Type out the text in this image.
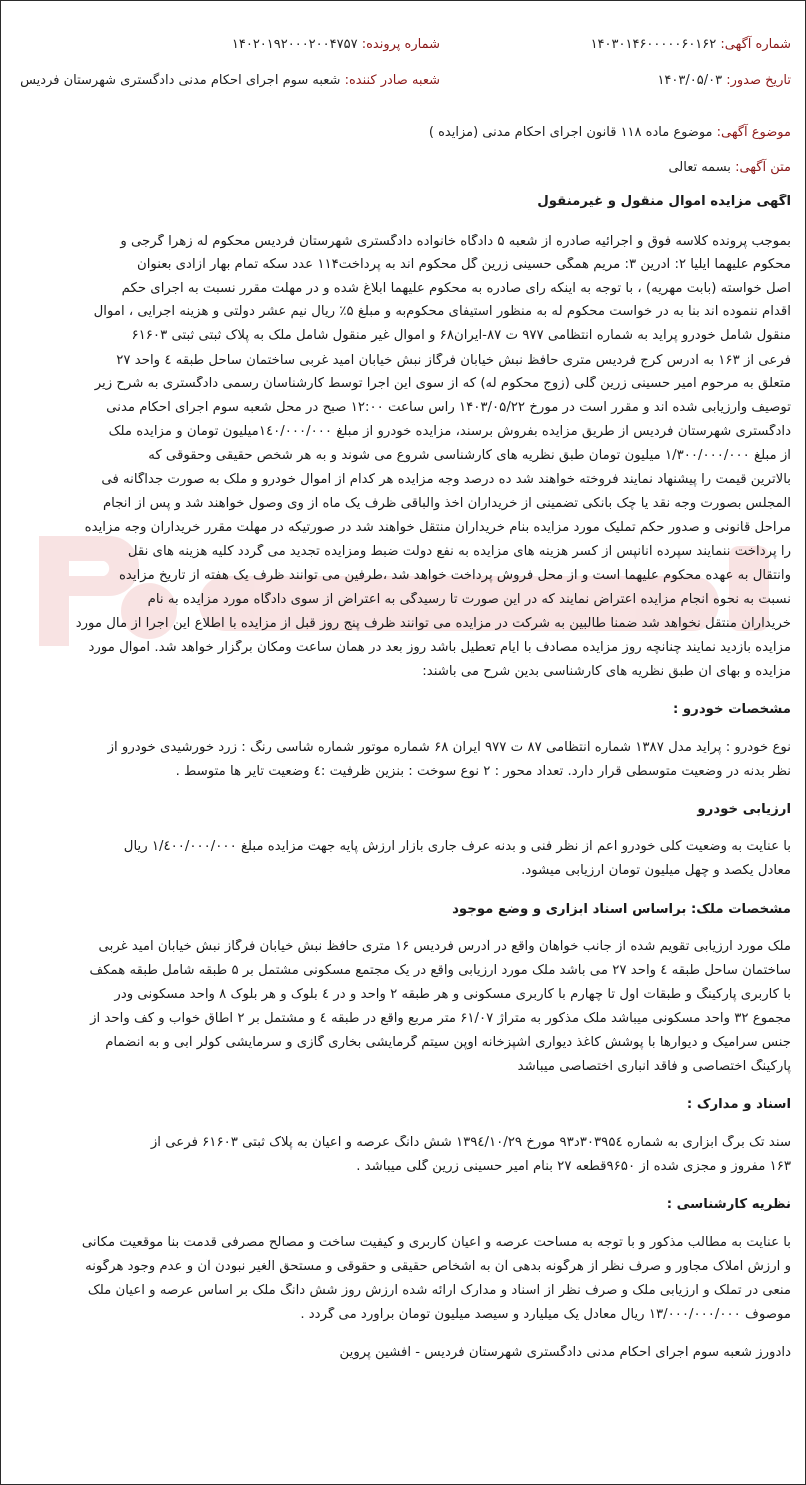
شماره آگهی: ۱۴۰۳۰۱۴۶۰۰۰۰۰۶۰۱۶۲
شماره پرونده: ۱۴۰۲۰۱۹۲۰۰۰۲۰۰۴۷۵۷
تاریخ صدور: ۱۴۰۳/۰۵/۰۳
شعبه صادر کننده: شعبه سوم اجرای احکام مدنی دادگستری شهرستان فردیس
موضوع آگهی: موضوع ماده ۱۱۸ قانون اجرای احکام مدنی (مزایده )
متن آگهی: بسمه تعالی
آگهی مزایده اموال منقول و غیرمنقول
بموجب پرونده کلاسه فوق و اجرائیه صادره از شعبه ۵ دادگاه خانواده دادگستری شهرستان فردیس محکوم له زهرا گرجی و
محکوم علیهما ایلیا ۲: آدرین ۳: مریم همگی حسینی زرین گل محکوم اند به پرداخت۱۱۴ عدد سکه تمام بهار آزادی بعنوان
اصل خواسته (بابت مهریه) ، با توجه به اینکه رای صادره به محکوم علیهما ابلاغ شده و در مهلت مقرر نسبت به اجرای حکم
اقدام ننموده اند بنا به در خواست محکوم له به منظور استیفای محکوم‌به و مبلغ ۵٪ ریال نیم عشر دولتی و هزینه اجرایی ، اموال
منقول شامل خودرو پراید به شماره انتظامی ۹۷۷ ت ۸۷-ایران۶۸ و اموال غیر منقول شامل ملک به پلاک ثبتی ثبتی ۶۱۶۰۳
فرعی از ۱۶۳ به آدرس کرج فردیس متری حافظ نبش خیابان فرگاز نبش خیابان امید غربی ساختمان ساحل طبقه ٤ واحد ۲۷
متعلق به مرحوم امیر حسینی زرین گلی (زوج محکوم له) که از سوی این اجرا توسط کارشناسان رسمی دادگستری به شرح زیر
توصیف وارزیابی شده اند و مقرر است در مورخ ۱۴۰۳/۰۵/۲۲ راس ساعت ۱۲:۰۰ صبح در محل شعبه سوم اجرای احکام مدنی
دادگستری شهرستان فردیس از طریق مزایده بفروش برسند، مزایده خودرو از مبلغ ۱٤۰/۰۰۰/۰۰۰میلیون تومان و مزایده ملک
از مبلغ ۱/۳۰۰/۰۰۰/۰۰۰ میلیون تومان طبق نظریه های کارشناسی شروع می شوند و به هر شخص حقیقی وحقوقی که
بالاترین قیمت را پیشنهاد نمایند فروخته خواهند شد ده درصد وجه مزایده هر کدام از اموال خودرو و ملک به صورت جداگانه فی
المجلس بصورت وجه نقد یا چک بانکی تضمینی از خریداران اخذ والباقی ظرف یک ماه از وی وصول خواهند شد و پس از انجام
مراحل قانونی و صدور حکم تملیک مورد مزایده بنام خریداران منتقل خواهند شد در صورتیکه در مهلت مقرر خریداران وجه مزایده
را پرداخت ننمایند سپرده آنانپس از کسر هزینه های مزایده به نفع دولت ضبط ومزایده تجدید می گردد کلیه هزینه های نقل
وانتقال به عهده محکوم علیهما است و از محل فروش پرداخت خواهد شد ،طرفین می توانند ظرف یک هفته از تاریخ مزایده
نسبت به نحوه انجام مزایده اعتراض نمایند که در این صورت تا رسیدگی به اعتراض از سوی دادگاه مورد مزایده به نام
خریداران منتقل نخواهد شد ضمنا طالبین به شرکت در مزایده می توانند ظرف پنج روز قبل از مزایده با اطلاع این اجرا از مال مورد
مزایده بازدید نمایند چنانچه روز مزایده مصادف با ایام تعطیل باشد روز بعد در همان ساعت ومکان برگزار خواهد شد. اموال مورد
مزایده و بهای ان طبق نظریه های کارشناسی بدین شرح می باشند:
مشخصات خودرو :
نوع خودرو : پراید مدل ۱۳۸۷ شماره انتظامی ۸۷ ت ۹۷۷ ایران ۶۸ شماره موتور شماره شاسی رنگ : زرد خورشیدی خودرو از
نظر بدنه در وضعیت متوسطی قرار دارد. تعداد محور : ۲ نوع سوخت : بنزین ظرفیت :٤ وضعیت تایر ها متوسط .
ارزیابی خودرو
با عنایت به وضعیت کلی خودرو اعم از نظر فنی و بدنه عرف جاری بازار ارزش پایه جهت مزایده مبلغ ۱/٤۰۰/۰۰۰/۰۰۰ ریال
معادل یکصد و چهل میلیون تومان ارزیابی میشود.
مشخصات ملک: براساس اسناد ابزاری و وضع موجود
ملک مورد ارزیابی تقویم شده از جانب خواهان واقع در آدرس فردیس ۱۶ متری حافظ نبش خیابان فرگاز نبش خیابان امید غربی
ساختمان ساحل طبقه ٤ واحد ۲۷ می باشد ملک مورد ارزیابی واقع در یک مجتمع مسکونی مشتمل بر ۵ طبقه شامل طبقه همکف
با کاربری پارکینگ و طبقات اول تا چهارم با کاربری مسکونی و هر طبقه ۲ واحد و در ٤ بلوک و هر بلوک ۸ واحد مسکونی ودر
مجموع ۳۲ واحد مسکونی میباشد ملک مذکور به متراژ ۶۱/۰۷ متر مربع واقع در طبقه ٤ و مشتمل بر ۲ اطاق خواب و کف واحد از
جنس سرامیک و دیوارها با پوشش کاغذ دیواری آشپزخانه اوپن سیتم گرمایشی بخاری گازی و سرمایشی کولر آبی و به انضمام
پارکینگ اختصاصی و فاقد انباری اختصاصی میباشد
اسناد و مدارک :
سند تک برگ ابزاری به شماره ۳۰۳۹۵٤د۹۳ مورخ ۱۳۹٤/۱۰/۲۹ شش دانگ عرصه و اعیان به پلاک ثبتی ۶۱۶۰۳ فرعی از
۱۶۳ مفروز و مجزی شده از ۹۶۵۰قطعه ۲۷ بنام امیر حسینی زرین گلی میباشد .
نظریه کارشناسی :
با عنایت به مطالب مذکور و با توجه به مساحت عرصه و اعیان کاربری و کیفیت ساخت و مصالح مصرفی قدمت بنا موقعیت مکانی
و ارزش املاک مجاور و صرف نظر از هرگونه بدهی آن به اشخاص حقیقی و حقوقی و مستحق الغیر نبودن آن و عدم وجود هرگونه
منعی در تملک و ارزیابی ملک و صرف نظر از اسناد و مدارک ارائه شده ارزش روز شش دانگ ملک بر اساس عرصه و اعیان ملک
موصوف ۱۳/۰۰۰/۰۰۰/۰۰۰ ریال معادل یک میلیارد و سیصد میلیون تومان براورد می گردد .
دادورز شعبه سوم اجرای احکام مدنی دادگستری شهرستان فردیس - افشین پروین
